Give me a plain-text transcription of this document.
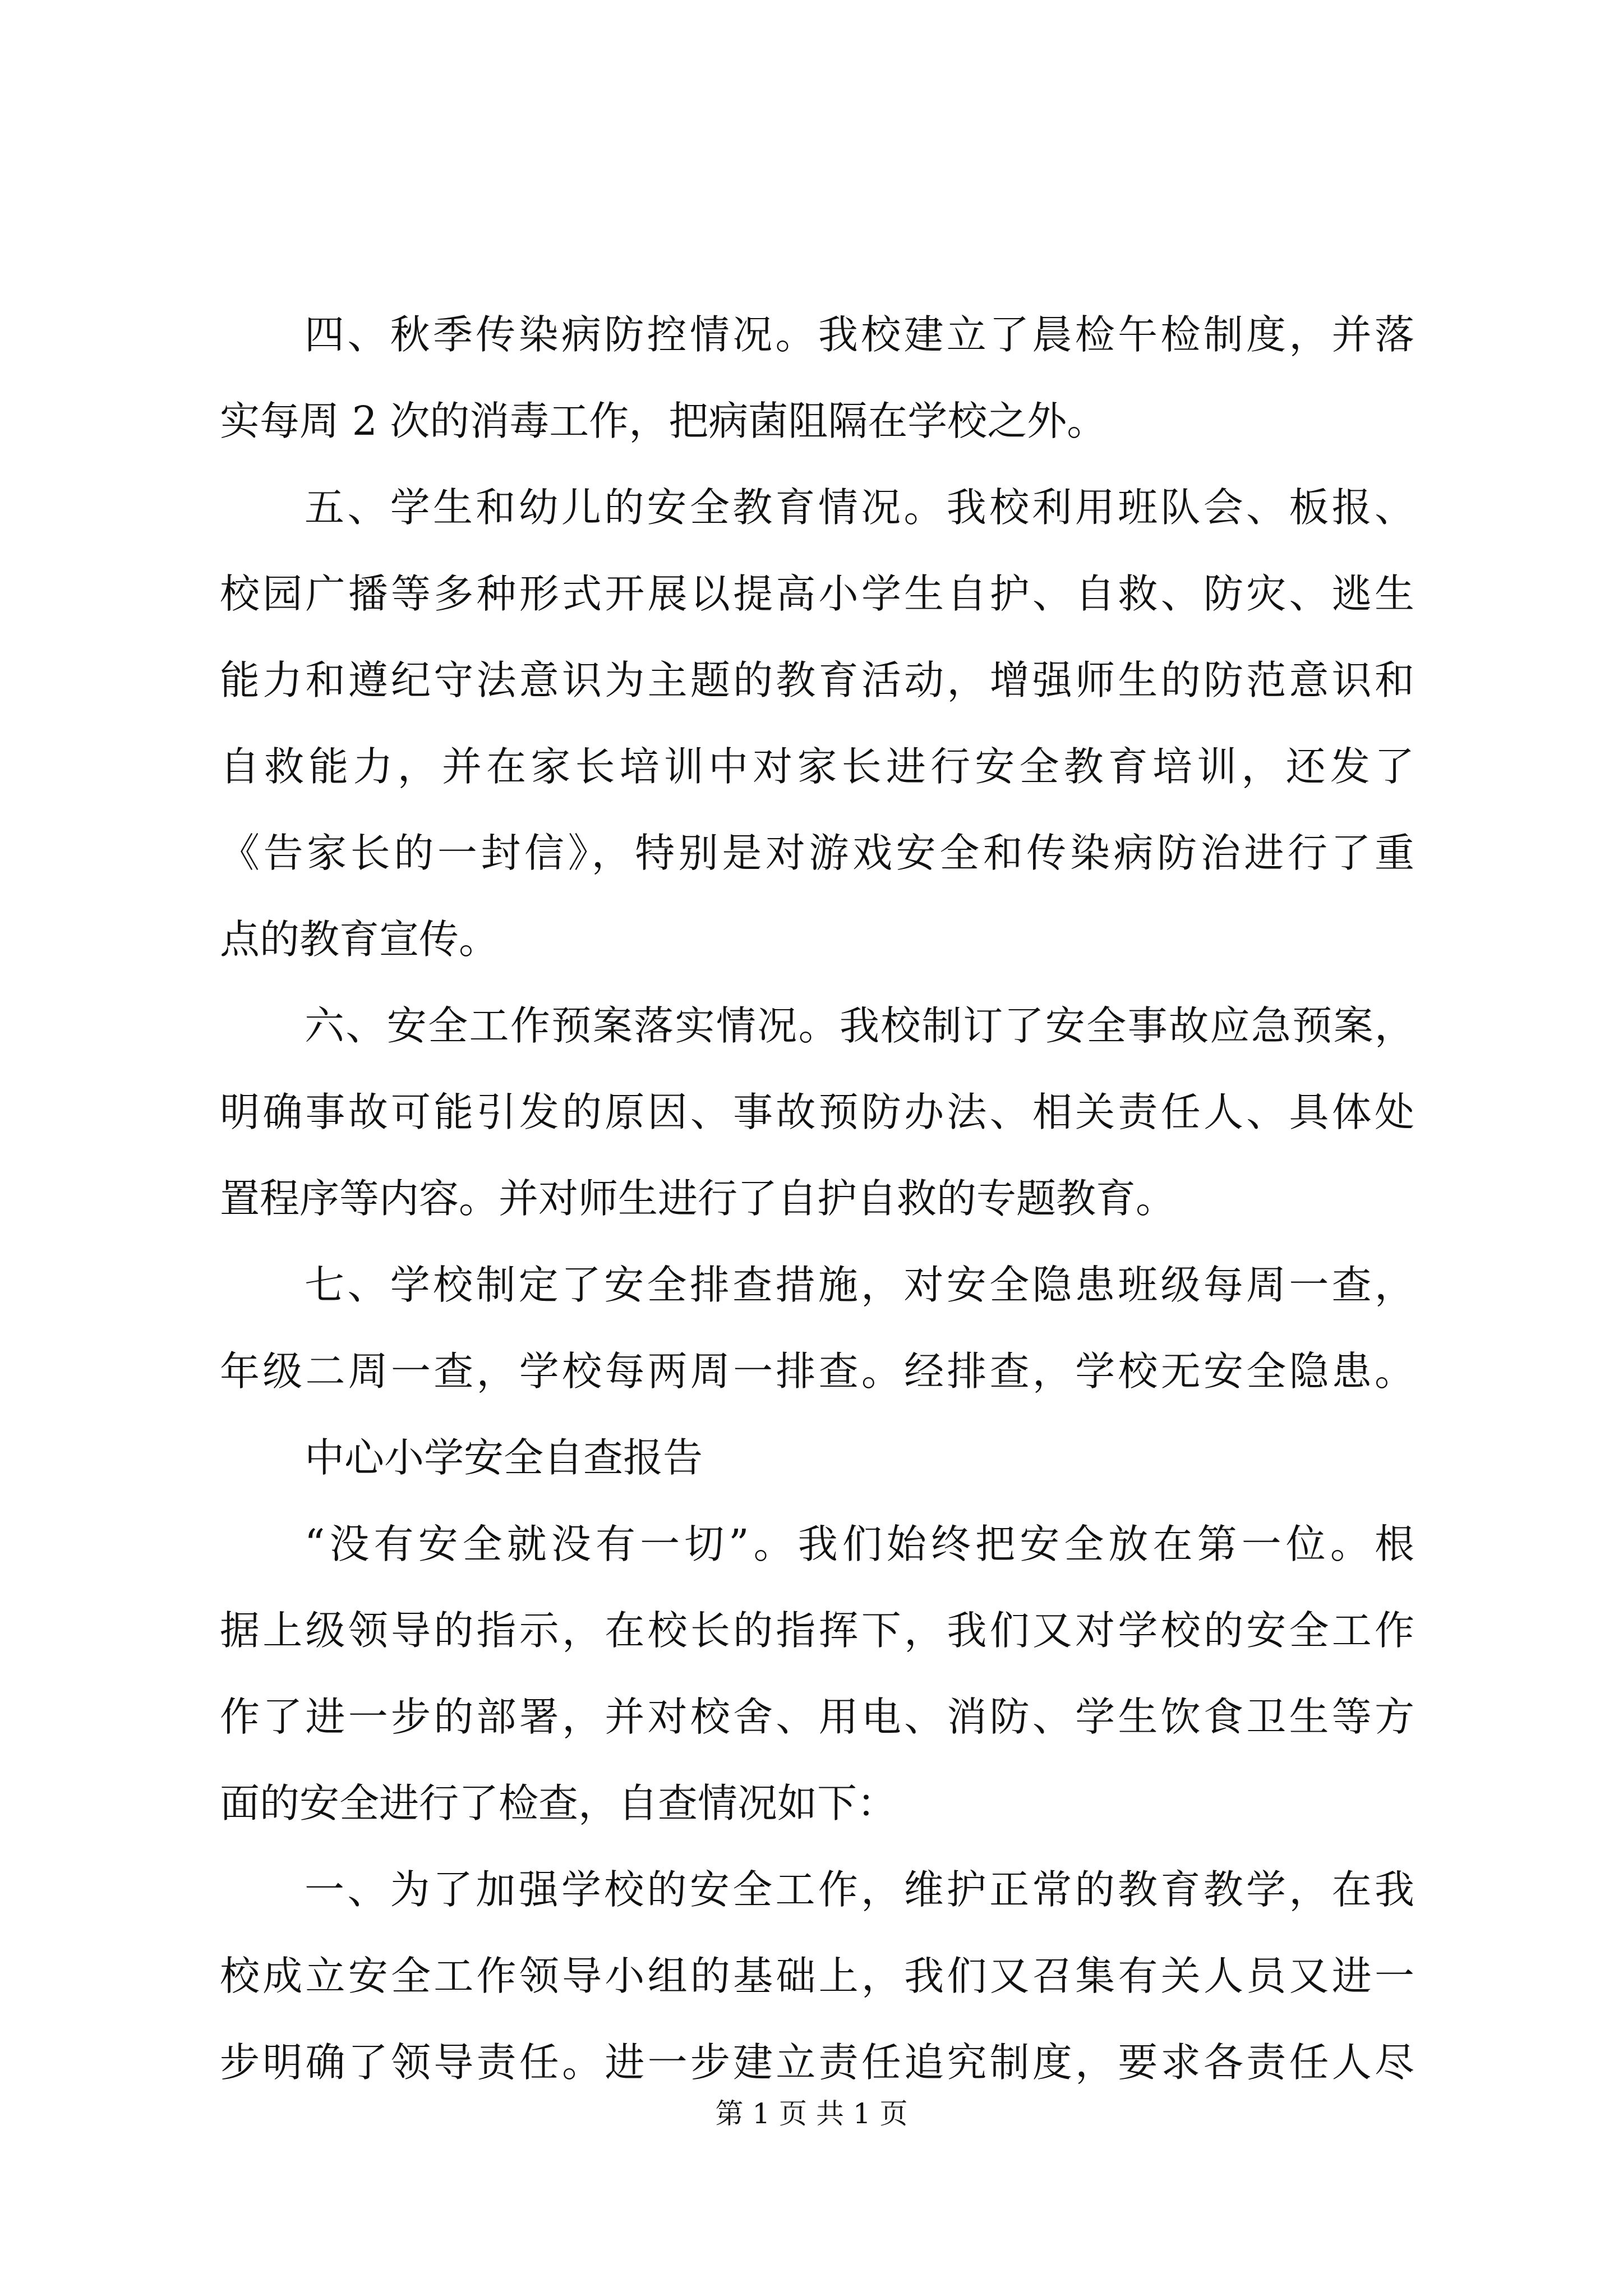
四、秋季传染病防控情况。我校建立了晨检午检制度，并落
实每周 2 次的消毒工作，把病菌阻隔在学校之外。
五、学生和幼儿的安全教育情况。我校利用班队会、板报、
校园广播等多种形式开展以提高小学生自护、自救、防灾、逃生
能力和遵纪守法意识为主题的教育活动，增强师生的防范意识和
自救能力，并在家长培训中对家长进行安全教育培训，还发了
《告家长的一封信》，特别是对游戏安全和传染病防治进行了重
点的教育宣传。
六、安全工作预案落实情况。我校制订了安全事故应急预案，
明确事故可能引发的原因、事故预防办法、相关责任人、具体处
置程序等内容。并对师生进行了自护自救的专题教育。
七、学校制定了安全排查措施，对安全隐患班级每周一查，
年级二周一查，学校每两周一排查。经排查，学校无安全隐患。
中心小学安全自查报告
“没有安全就没有一切”。我们始终把安全放在第一位。根
据上级领导的指示，在校长的指挥下，我们又对学校的安全工作
作了进一步的部署，并对校舍、用电、消防、学生饮食卫生等方
面的安全进行了检查，自查情况如下：
一、为了加强学校的安全工作，维护正常的教育教学，在我
校成立安全工作领导小组的基础上，我们又召集有关人员又进一
步明确了领导责任。进一步建立责任追究制度，要求各责任人尽
第 1 页 共 1 页
